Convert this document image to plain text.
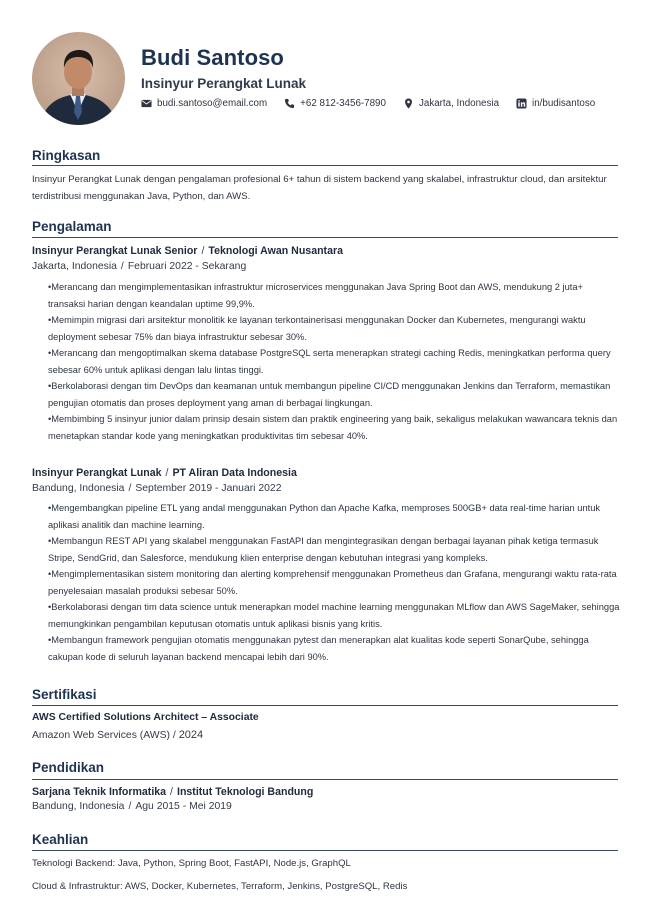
Budi Santoso
Insinyur Perangkat Lunak
budi.santoso@email.com	+62 812-3456-7890	Jakarta, Indonesia	in/budisantoso
Ringkasan
Insinyur Perangkat Lunak dengan pengalaman profesional 6+ tahun di sistem backend yang skalabel, infrastruktur cloud, dan arsitektur terdistribusi menggunakan Java, Python, dan AWS.
Pengalaman
Insinyur Perangkat Lunak Senior / Teknologi Awan Nusantara
Jakarta, Indonesia / Februari 2022 - Sekarang
• Merancang dan mengimplementasikan infrastruktur microservices menggunakan Java Spring Boot dan AWS, mendukung 2 juta+ transaksi harian dengan keandalan uptime 99,9%.
• Memimpin migrasi dari arsitektur monolitik ke layanan terkontainerisasi menggunakan Docker dan Kubernetes, mengurangi waktu deployment sebesar 75% dan biaya infrastruktur sebesar 30%.
• Merancang dan mengoptimalkan skema database PostgreSQL serta menerapkan strategi caching Redis, meningkatkan performa query sebesar 60% untuk aplikasi dengan lalu lintas tinggi.
• Berkolaborasi dengan tim DevOps dan keamanan untuk membangun pipeline CI/CD menggunakan Jenkins dan Terraform, memastikan pengujian otomatis dan proses deployment yang aman di berbagai lingkungan.
• Membimbing 5 insinyur junior dalam prinsip desain sistem dan praktik engineering yang baik, sekaligus melakukan wawancara teknis dan menetapkan standar kode yang meningkatkan produktivitas tim sebesar 40%.
Insinyur Perangkat Lunak / PT Aliran Data Indonesia
Bandung, Indonesia / September 2019 - Januari 2022
• Mengembangkan pipeline ETL yang andal menggunakan Python dan Apache Kafka, memproses 500GB+ data real-time harian untuk aplikasi analitik dan machine learning.
• Membangun REST API yang skalabel menggunakan FastAPI dan mengintegrasikan dengan berbagai layanan pihak ketiga termasuk Stripe, SendGrid, dan Salesforce, mendukung klien enterprise dengan kebutuhan integrasi yang kompleks.
• Mengimplementasikan sistem monitoring dan alerting komprehensif menggunakan Prometheus dan Grafana, mengurangi waktu rata-rata penyelesaian masalah produksi sebesar 50%.
• Berkolaborasi dengan tim data science untuk menerapkan model machine learning menggunakan MLflow dan AWS SageMaker, sehingga memungkinkan pengambilan keputusan otomatis untuk aplikasi bisnis yang kritis.
• Membangun framework pengujian otomatis menggunakan pytest dan menerapkan alat kualitas kode seperti SonarQube, sehingga cakupan kode di seluruh layanan backend mencapai lebih dari 90%.
Sertifikasi
AWS Certified Solutions Architect – Associate
Amazon Web Services (AWS) / 2024
Pendidikan
Sarjana Teknik Informatika / Institut Teknologi Bandung
Bandung, Indonesia / Agu 2015 - Mei 2019
Keahlian
Teknologi Backend: Java, Python, Spring Boot, FastAPI, Node.js, GraphQL
Cloud & Infrastruktur: AWS, Docker, Kubernetes, Terraform, Jenkins, PostgreSQL, Redis
